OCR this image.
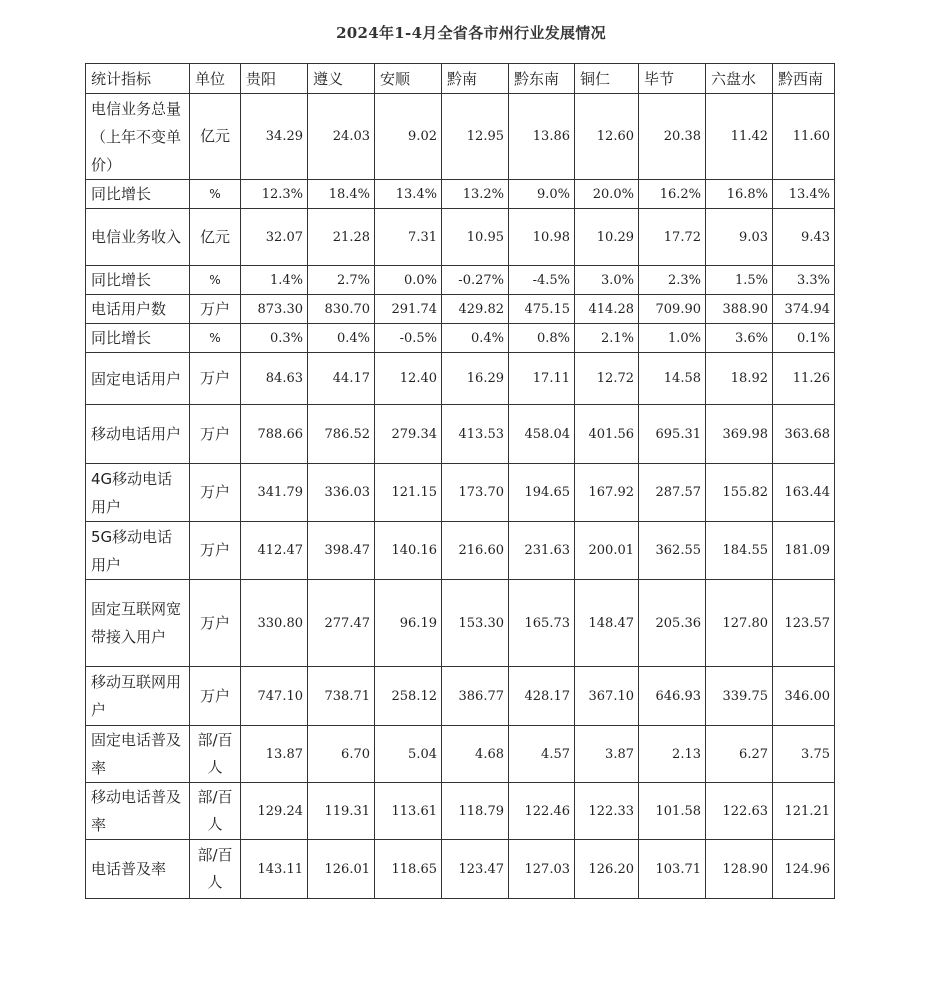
2024年1-4月全省各市州行业发展情况
统计指标	单位	贵阳	遵义	安顺	黔南	黔东南	铜仁	毕节	六盘水	黔西南
电信业务总量（上年不变单价）	亿元	34.29	24.03	9.02	12.95	13.86	12.60	20.38	11.42	11.60
同比增长	%	12.3%	18.4%	13.4%	13.2%	9.0%	20.0%	16.2%	16.8%	13.4%
电信业务收入	亿元	32.07	21.28	7.31	10.95	10.98	10.29	17.72	9.03	9.43
同比增长	%	1.4%	2.7%	0.0%	-0.27%	-4.5%	3.0%	2.3%	1.5%	3.3%
电话用户数	万户	873.30	830.70	291.74	429.82	475.15	414.28	709.90	388.90	374.94
同比增长	%	0.3%	0.4%	-0.5%	0.4%	0.8%	2.1%	1.0%	3.6%	0.1%
固定电话用户	万户	84.63	44.17	12.40	16.29	17.11	12.72	14.58	18.92	11.26
移动电话用户	万户	788.66	786.52	279.34	413.53	458.04	401.56	695.31	369.98	363.68
4G移动电话用户	万户	341.79	336.03	121.15	173.70	194.65	167.92	287.57	155.82	163.44
5G移动电话用户	万户	412.47	398.47	140.16	216.60	231.63	200.01	362.55	184.55	181.09
固定互联网宽带接入用户	万户	330.80	277.47	96.19	153.30	165.73	148.47	205.36	127.80	123.57
移动互联网用户	万户	747.10	738.71	258.12	386.77	428.17	367.10	646.93	339.75	346.00
固定电话普及率	部/百人	13.87	6.70	5.04	4.68	4.57	3.87	2.13	6.27	3.75
移动电话普及率	部/百人	129.24	119.31	113.61	118.79	122.46	122.33	101.58	122.63	121.21
电话普及率	部/百人	143.11	126.01	118.65	123.47	127.03	126.20	103.71	128.90	124.96
